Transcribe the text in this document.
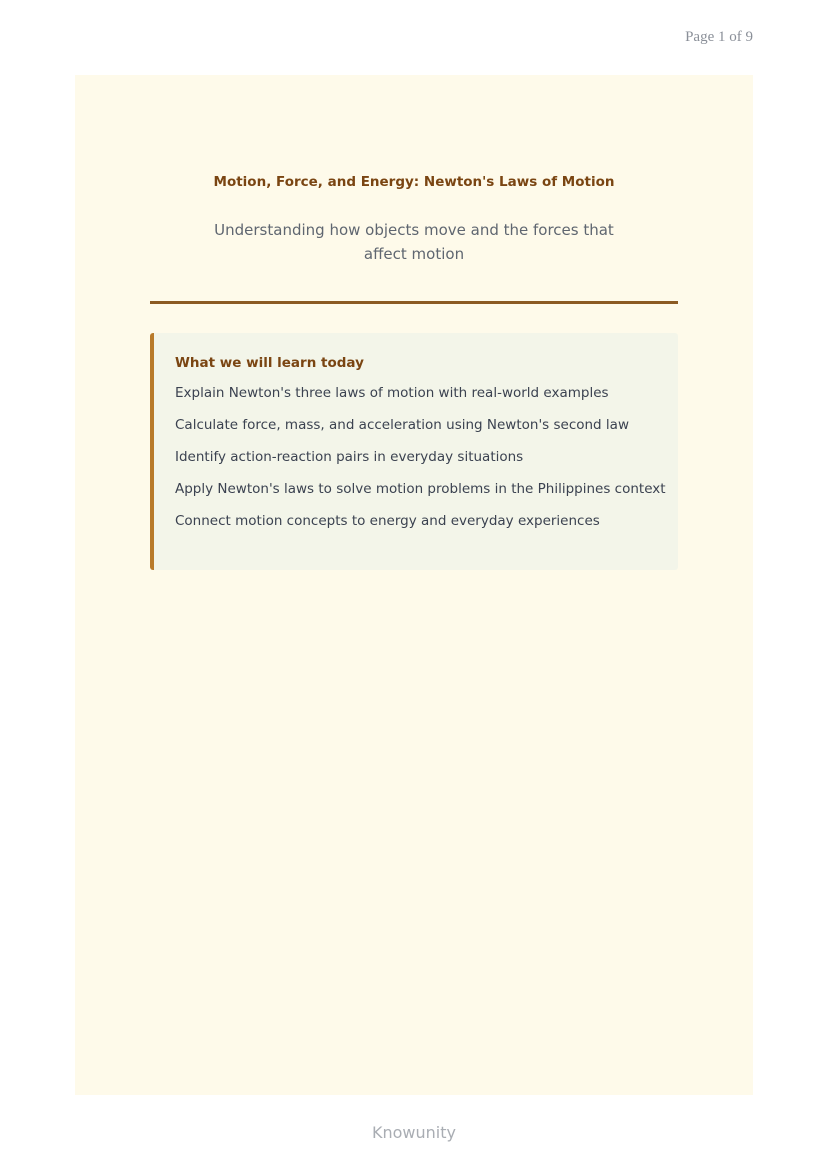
Page 1 of 9
Motion, Force, and Energy: Newton's Laws of Motion
Understanding how objects move and the forces that affect motion
What we will learn today
Explain Newton's three laws of motion with real-world examples
Calculate force, mass, and acceleration using Newton's second law
Identify action-reaction pairs in everyday situations
Apply Newton's laws to solve motion problems in the Philippines context
Connect motion concepts to energy and everyday experiences
Knowunity
